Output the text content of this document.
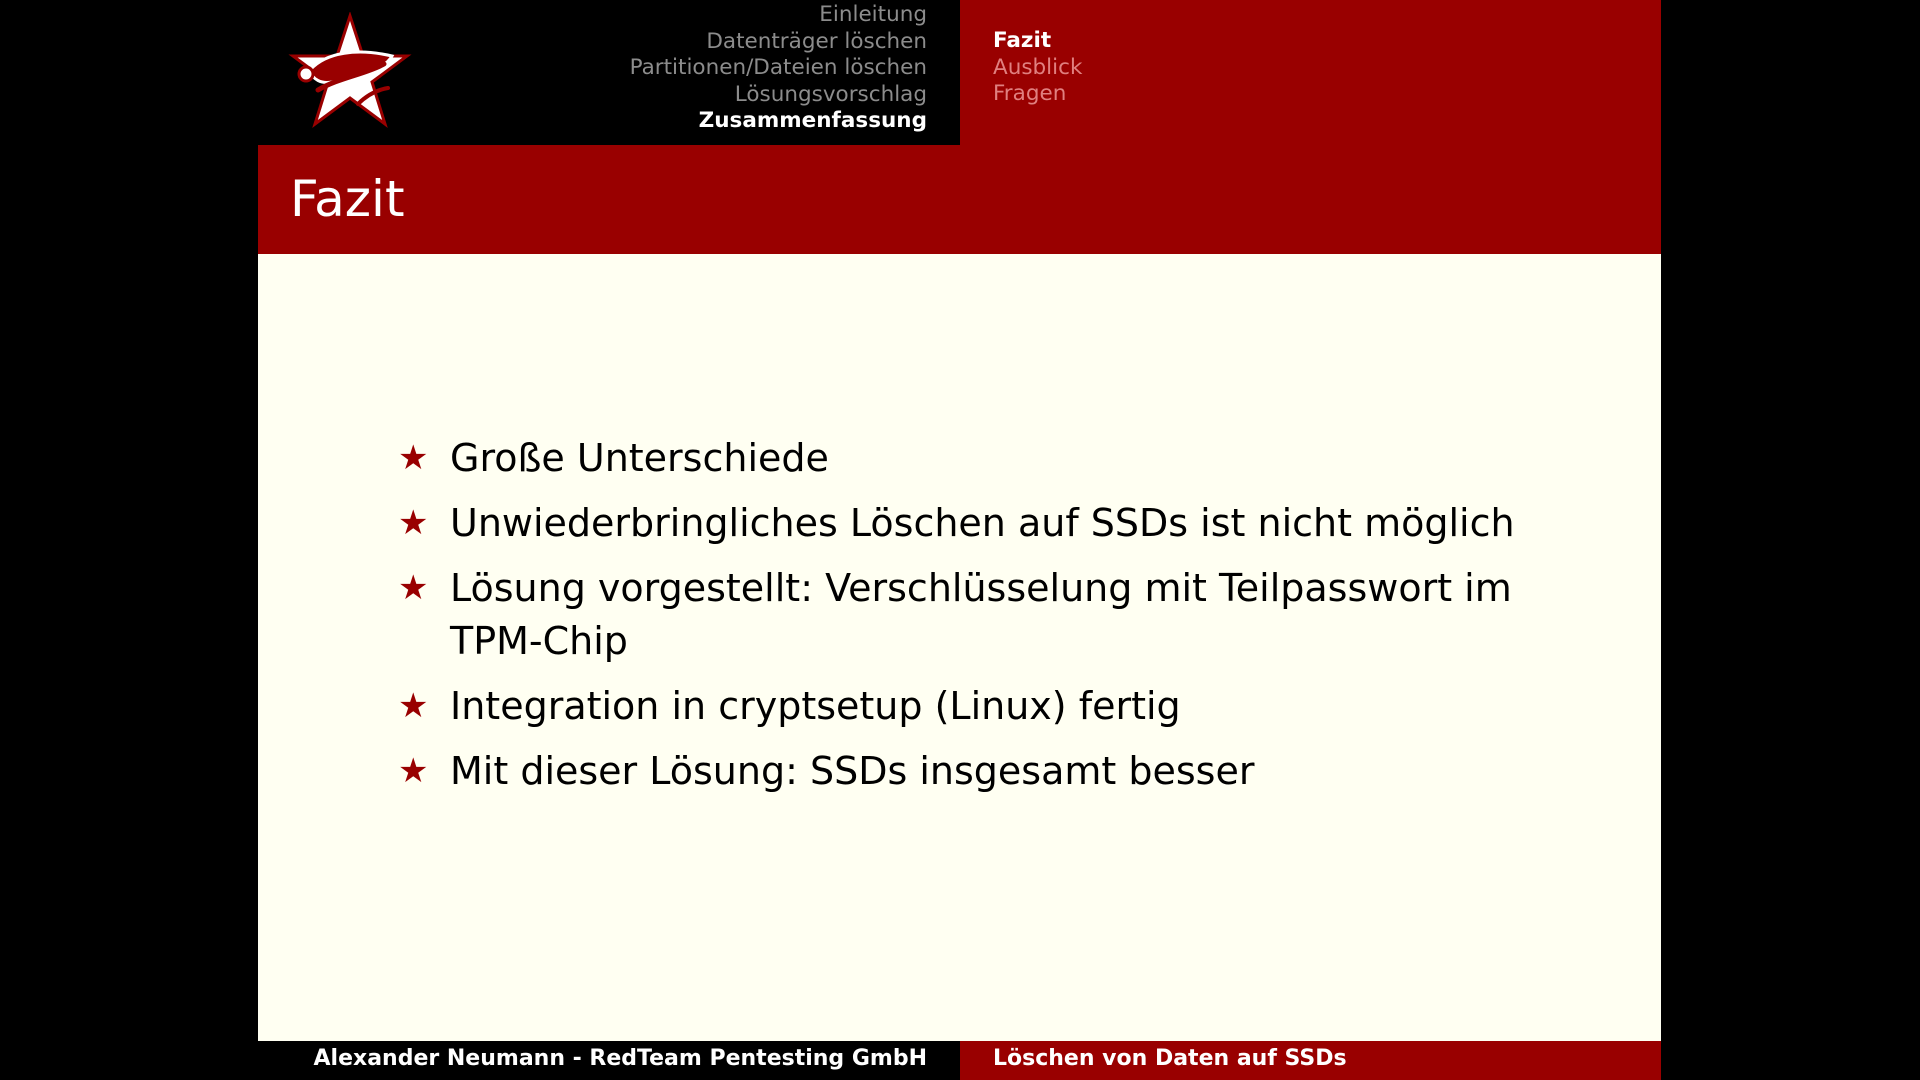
Einleitung
Datenträger löschen
Partitionen/Dateien löschen
Lösungsvorschlag
Zusammenfassung
Fazit
Ausblick
Fragen
Fazit
★ Große Unterschiede
★ Unwiederbringliches Löschen auf SSDs ist nicht möglich
★ Lösung vorgestellt: Verschlüsselung mit Teilpasswort im TPM-Chip
★ Integration in cryptsetup (Linux) fertig
★ Mit dieser Lösung: SSDs insgesamt besser
Alexander Neumann - RedTeam Pentesting GmbH	Löschen von Daten auf SSDs
